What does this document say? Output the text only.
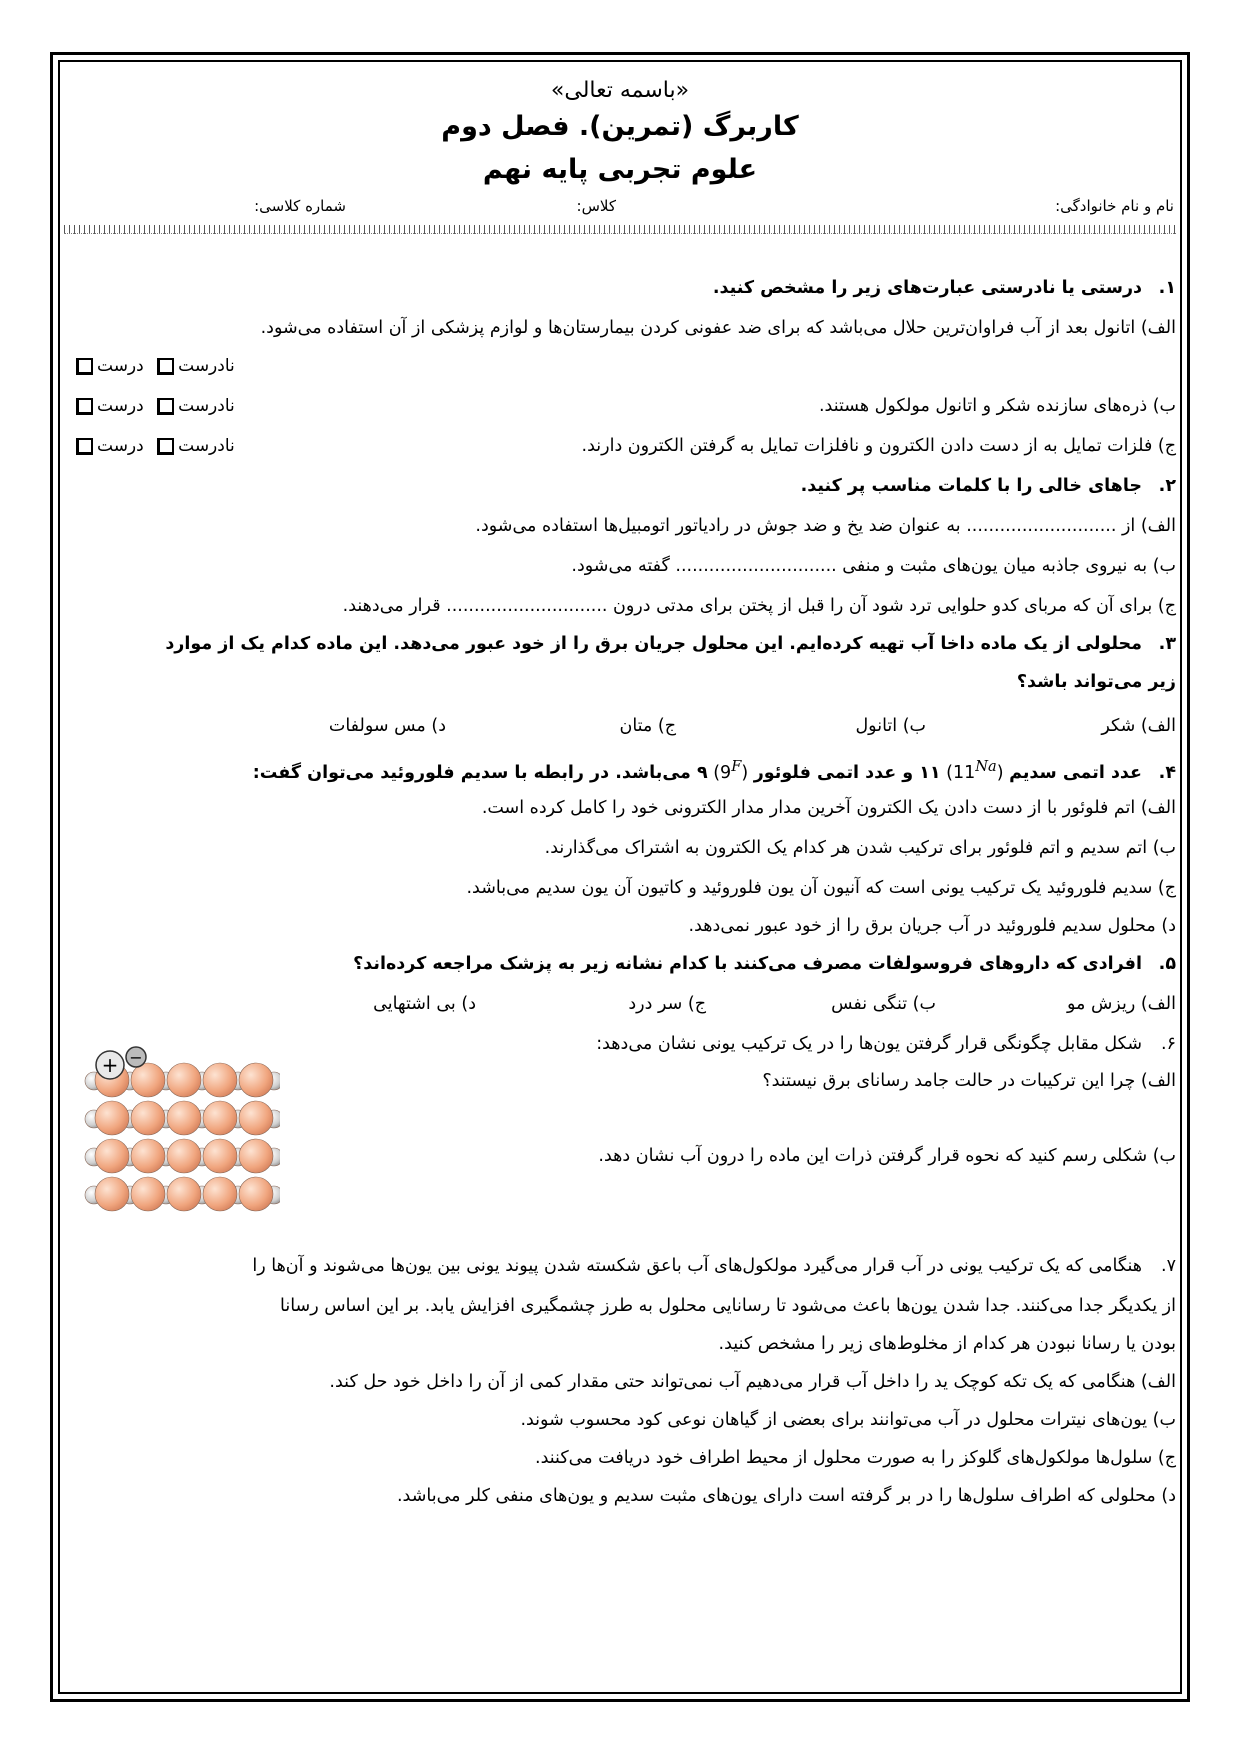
«باسمه تعالی»
کاربرگ (تمرین). فصل دوم
علوم تجربی پایه نهم
نام و نام خانوادگی:
کلاس:
شماره کلاسی:
۱.درستی یا نادرستی عبارت‌های زیر را مشخص کنید.
الف) اتانول بعد از آب فراوان‌ترین حلال می‌باشد که برای ضد عفونی کردن بیمارستان‌ها و لوازم پزشکی از آن استفاده می‌شود.
نادرست درست
ب) ذره‌های سازنده شکر و اتانول مولکول هستند.
نادرست درست
ج) فلزات تمایل به از دست دادن الکترون و نافلزات تمایل به گرفتن الکترون دارند.
نادرست درست
۲.جاهای خالی را با کلمات مناسب پر کنید.
الف) از ........................... به عنوان ضد یخ و ضد جوش در رادیاتور اتومبیل‌ها استفاده می‌شود.
ب) به نیروی جاذبه میان یون‌های مثبت و منفی ............................. گفته می‌شود.
ج) برای آن که مربای کدو حلوایی ترد شود آن را قبل از پختن برای مدتی درون ............................. قرار می‌دهند.
۳.محلولی از یک ماده داخا آب تهیه کرده‌ایم. این محلول جریان برق را از خود عبور می‌دهد. این ماده کدام یک از موارد
زیر می‌تواند باشد؟
الف) شکر
ب) اتانول
ج) متان
د) مس سولفات
۴.عدد اتمی سدیم $(11^{Na})$ ۱۱ و عدد اتمی فلوئور $(9^F)$ ۹ می‌باشد. در رابطه با سدیم فلوروئید می‌توان گفت:
الف) اتم فلوئور با از دست دادن یک الکترون آخرین مدار مدار الکترونی خود را کامل کرده است.
ب) اتم سدیم و اتم فلوئور برای ترکیب شدن هر کدام یک الکترون به اشتراک می‌گذارند.
ج) سدیم فلوروئید یک ترکیب یونی است که آنیون آن یون فلوروئید و کاتیون آن یون سدیم می‌باشد.
د) محلول سدیم فلوروئید در آب جریان برق را از خود عبور نمی‌دهد.
۵.افرادی که داروهای فروسولفات مصرف می‌کنند با کدام نشانه زیر به پزشک مراجعه کرده‌اند؟
الف) ریزش مو
ب) تنگی نفس
ج) سر درد
د) بی اشتهایی
۶.شکل مقابل چگونگی قرار گرفتن یون‌ها را در یک ترکیب یونی نشان می‌دهد:
الف) چرا این ترکیبات در حالت جامد رسانای برق نیستند؟
ب) شکلی رسم کنید که نحوه قرار گرفتن ذرات این ماده را درون آب نشان دهد.
۷.هنگامی که یک ترکیب یونی در آب قرار می‌گیرد مولکول‌های آب باعق شکسته شدن پیوند یونی بین یون‌ها می‌شوند و آن‌ها را
از یکدیگر جدا می‌کنند. جدا شدن یون‌ها باعث می‌شود تا رسانایی محلول به طرز چشمگیری افزایش یابد. بر این اساس رسانا
بودن یا رسانا نبودن هر کدام از مخلوط‌های زیر را مشخص کنید.
الف) هنگامی که یک تکه کوچک ید را داخل آب قرار می‌دهیم آب نمی‌تواند حتی مقدار کمی از آن را داخل خود حل کند.
ب) یون‌های نیترات محلول در آب می‌توانند برای بعضی از گیاهان نوعی کود محسوب شوند.
ج) سلول‌ها مولکول‌های گلوکز را به صورت محلول از محیط اطراف خود دریافت می‌کنند.
د) محلولی که اطراف سلول‌ها را در بر گرفته است دارای یون‌های مثبت سدیم و یون‌های منفی کلر می‌باشد.
+ −
